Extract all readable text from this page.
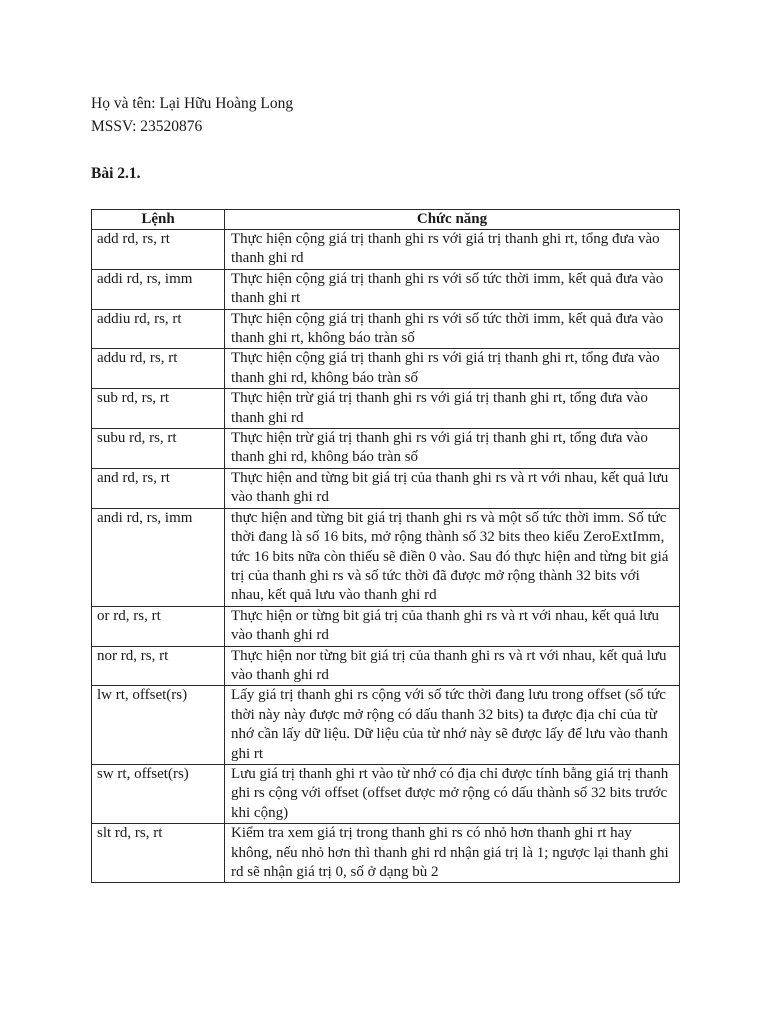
Họ và tên: Lại Hữu Hoàng Long
MSSV: 23520876
Bài 2.1.
Lệnh	Chức năng
add rd, rs, rt	Thực hiện cộng giá trị thanh ghi rs với giá trị thanh ghi rt, tổng đưa vào thanh ghi rd
addi rd, rs, imm	Thực hiện cộng giá trị thanh ghi rs với số tức thời imm, kết quả đưa vào thanh ghi rt
addiu rd, rs, rt	Thực hiện cộng giá trị thanh ghi rs với số tức thời imm, kết quả đưa vào thanh ghi rt, không báo tràn số
addu rd, rs, rt	Thực hiện cộng giá trị thanh ghi rs với giá trị thanh ghi rt, tổng đưa vào thanh ghi rd, không báo tràn số
sub rd, rs, rt	Thực hiện trừ giá trị thanh ghi rs với giá trị thanh ghi rt, tổng đưa vào thanh ghi rd
subu rd, rs, rt	Thực hiện trừ giá trị thanh ghi rs với giá trị thanh ghi rt, tổng đưa vào thanh ghi rd, không báo tràn số
and rd, rs, rt	Thực hiện and từng bit giá trị của thanh ghi rs và rt với nhau, kết quả lưu vào thanh ghi rd
andi rd, rs, imm	thực hiện and từng bit giá trị thanh ghi rs và một số tức thời imm. Số tức thời đang là số 16 bits, mở rộng thành số 32 bits theo kiểu ZeroExtImm, tức 16 bits nữa còn thiếu sẽ điền 0 vào. Sau đó thực hiện and từng bit giá trị của thanh ghi rs và số tức thời đã được mở rộng thành 32 bits với nhau, kết quả lưu vào thanh ghi rd
or rd, rs, rt	Thực hiện or từng bit giá trị của thanh ghi rs và rt với nhau, kết quả lưu vào thanh ghi rd
nor rd, rs, rt	Thực hiện nor từng bit giá trị của thanh ghi rs và rt với nhau, kết quả lưu vào thanh ghi rd
lw rt, offset(rs)	Lấy giá trị thanh ghi rs cộng với số tức thời đang lưu trong offset (số tức thời này này được mở rộng có dấu thanh 32 bits) ta được địa chỉ của từ nhớ cần lấy dữ liệu. Dữ liệu của từ nhớ này sẽ được lấy để lưu vào thanh ghi rt
sw rt, offset(rs)	Lưu giá trị thanh ghi rt vào từ nhớ có địa chỉ được tính bằng giá trị thanh ghi rs cộng với offset (offset được mở rộng có dấu thành số 32 bits trước khi cộng)
slt rd, rs, rt	Kiểm tra xem giá trị trong thanh ghi rs có nhỏ hơn thanh ghi rt hay không, nếu nhỏ hơn thì thanh ghi rd nhận giá trị là 1; ngược lại thanh ghi rd sẽ nhận giá trị 0, số ở dạng bù 2
